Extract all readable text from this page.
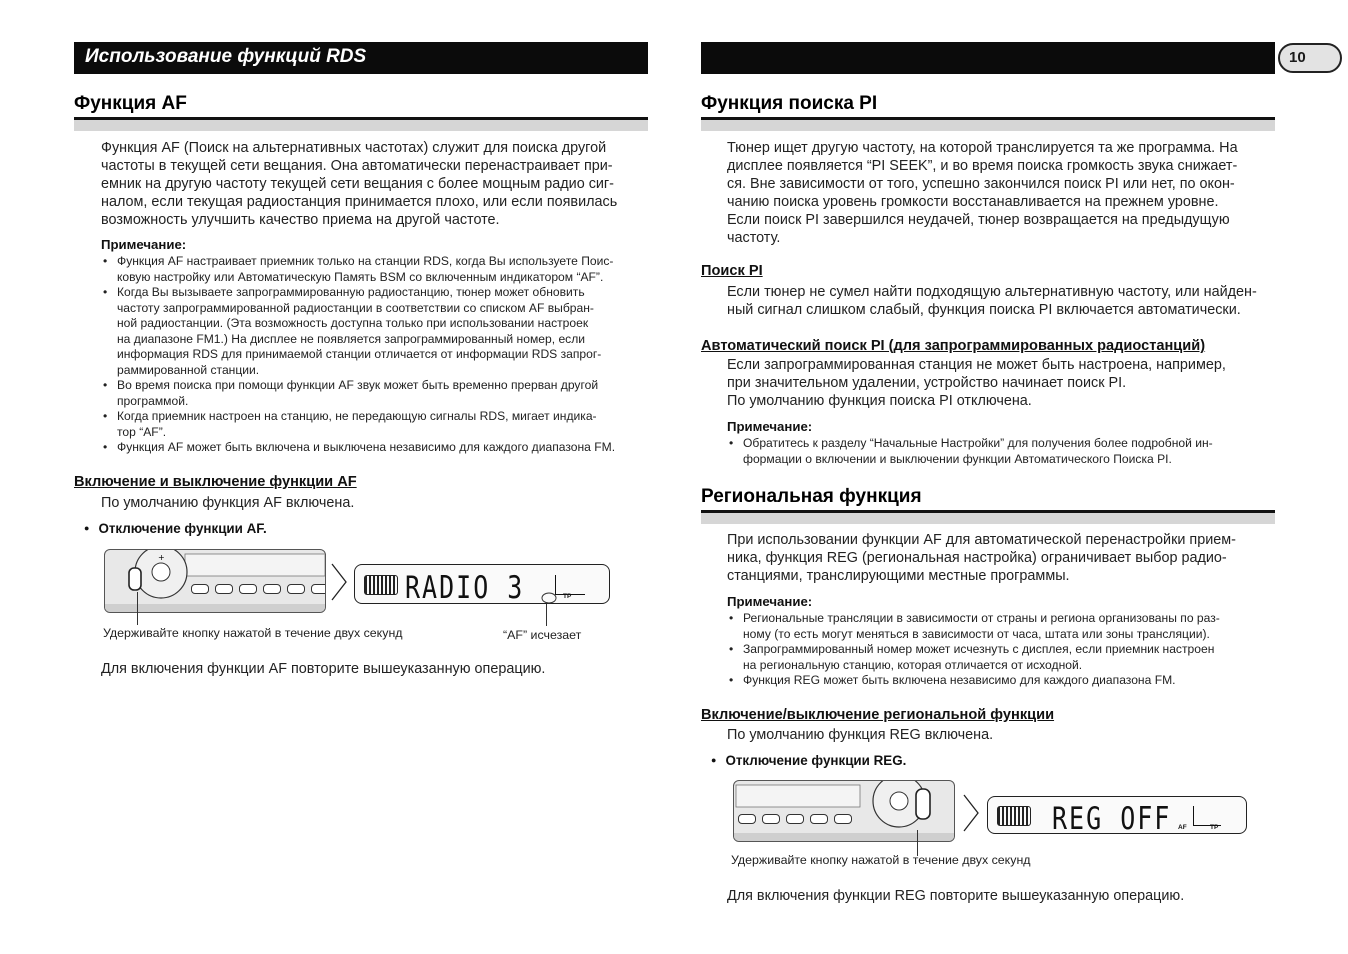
Использование функций RDS	10
Функция AF
Функция AF (Поиск на альтернативных частотах) служит для поиска другой
частоты в текущей сети вещания. Она автоматически перенастраивает при-
емник на другую частоту текущей сети вещания с более мощным радио сиг-
налом, если текущая радиостанция принимается плохо, или если появилась
возможность улучшить качество приема на другой частоте.
Примечание:
• Функция AF настраивает приемник только на станции RDS, когда Вы используете Поис-
ковую настройку или Автоматическую Память BSM со включенным индикатором “AF”.
• Когда Вы вызываете запрограммированную радиостанцию, тюнер может обновить
частоту запрограммированной радиостанции в соответствии со списком AF выбран-
ной радиостанции. (Эта возможность доступна только при использовании настроек
на диапазоне FM1.) На дисплее не появляется запрограммированный номер, если
информация RDS для принимаемой станции отличается от информации RDS запрог-
раммированной станции.
• Во время поиска при помощи функции AF звук может быть временно прерван другой
программой.
• Когда приемник настроен на станцию, не передающую сигналы RDS, мигает индика-
тор “AF”.
• Функция AF может быть включена и выключена независимо для каждого диапазона FM.
Включение и выключение функции AF
По умолчанию функция AF включена.
● Отключение функции AF.
+
RADIO 3	TP
Удерживайте кнопку нажатой в течение двух секунд	“AF” исчезает
Для включения функции AF повторите вышеуказанную операцию.
Функция поиска PI
Тюнер ищет другую частоту, на которой транслируется та же программа. На
дисплее появляется “PI SEEK”, и во время поиска громкость звука снижает-
ся. Вне зависимости от того, успешно закончился поиск PI или нет, по окон-
чанию поиска уровень громкости восстанавливается на прежнем уровне.
Если поиск PI завершился неудачей, тюнер возвращается на предыдущую
частоту.
Поиск PI
Если тюнер не сумел найти подходящую альтернативную частоту, или найден-
ный сигнал слишком слабый, функция поиска PI включается автоматически.
Автоматический поиск PI (для запрограммированных радиостанций)
Если запрограммированная станция не может быть настроена, например,
при значительном удалении, устройство начинает поиск PI.
По умолчанию функция поиска PI отключена.
Примечание:
• Обратитесь к разделу “Начальные Настройки” для получения более подробной ин-
формации о включении и выключении функции Автоматического Поиска PI.
Региональная функция
При использовании функции AF для автоматической перенастройки прием-
ника, функция REG (региональная настройка) ограничивает выбор радио-
станциями, транслирующими местные программы.
Примечание:
• Региональные трансляции в зависимости от страны и региона организованы по раз-
ному (то есть могут меняться в зависимости от часа, штата или зоны трансляции).
• Запрограммированный номер может исчезнуть с дисплея, если приемник настроен
на региональную станцию, которая отличается от исходной.
• Функция REG может быть включена независимо для каждого диапазона FM.
Включение/выключение региональной функции
По умолчанию функция REG включена.
● Отключение функции REG.
REG OFF AF	TP
Удерживайте кнопку нажатой в течение двух секунд
Для включения функции REG повторите вышеуказанную операцию.
